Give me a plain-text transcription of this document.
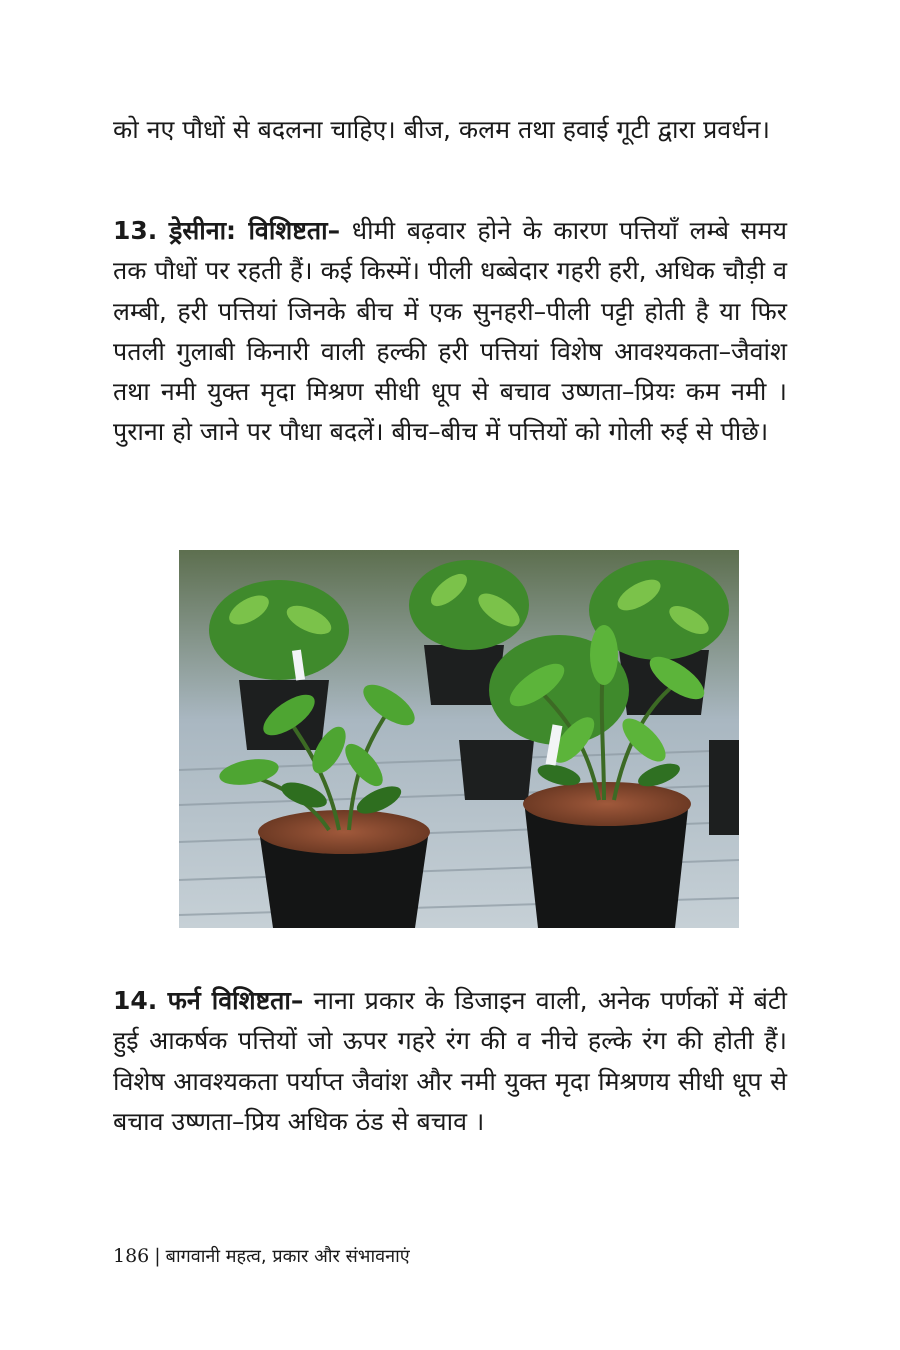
को नए पौधों से बदलना चाहिए। बीज, कलम तथा हवाई गूटी द्वारा प्रवर्धन।

13. ड्रेसीना: विशिष्टता– धीमी बढ़वार होने के कारण पत्तियाँ लम्बे समय तक पौधों पर रहती हैं। कई किस्में। पीली धब्बेदार गहरी हरी, अधिक चौड़ी व लम्बी, हरी पत्तियां जिनके बीच में एक सुनहरी–पीली पट्टी होती है या फिर पतली गुलाबी किनारी वाली हल्की हरी पत्तियां विशेष आवश्यकता–जैवांश तथा नमी युक्त मृदा मिश्रण सीधी धूप से बचाव उष्णता–प्रियः कम नमी । पुराना हो जाने पर पौधा बदलें। बीच–बीच में पत्तियों को गोली रुई से पीछे।

14. फर्न विशिष्टता– नाना प्रकार के डिजाइन वाली, अनेक पर्णकों में बंटी हुई आकर्षक पत्तियों जो ऊपर गहरे रंग की व नीचे हल्के रंग की होती हैं। विशेष आवश्यकता पर्याप्त जैवांश और नमी युक्त मृदा मिश्रणय सीधी धूप से बचाव उष्णता–प्रिय अधिक ठंड से बचाव ।

186 | बागवानी महत्व, प्रकार और संभावनाएं
